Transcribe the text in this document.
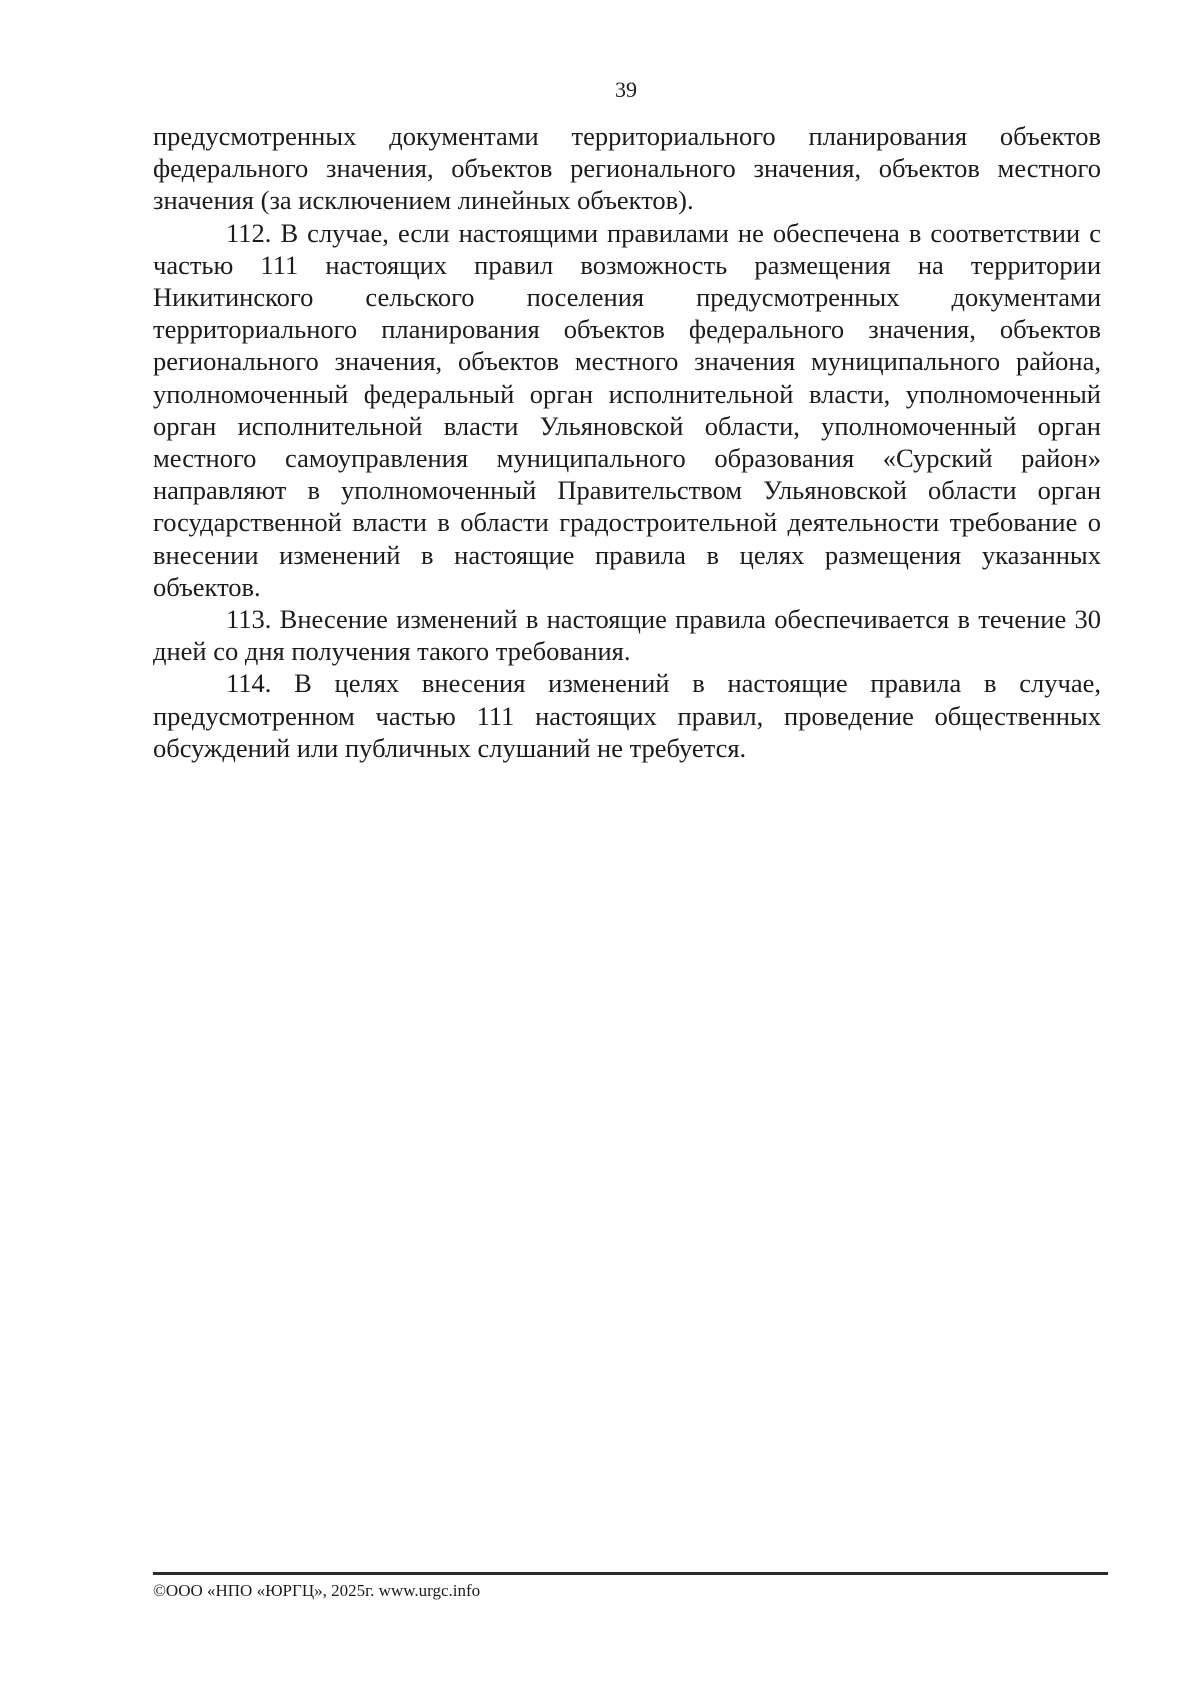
39

предусмотренных документами территориального планирования объектов федерального значения, объектов регионального значения, объектов местного значения (за исключением линейных объектов).

112. В случае, если настоящими правилами не обеспечена в соответствии с частью 111 настоящих правил возможность размещения на территории Никитинского сельского поселения предусмотренных документами территориального планирования объектов федерального значения, объектов регионального значения, объектов местного значения муниципального района, уполномоченный федеральный орган исполнительной власти, уполномоченный орган исполнительной власти Ульяновской области, уполномоченный орган местного самоуправления муниципального образования «Сурский район» направляют в уполномоченный Правительством Ульяновской области орган государственной власти в области градостроительной деятельности требование о внесении изменений в настоящие правила в целях размещения указанных объектов.

113. Внесение изменений в настоящие правила обеспечивается в течение 30 дней со дня получения такого требования.

114. В целях внесения изменений в настоящие правила в случае, предусмотренном частью 111 настоящих правил, проведение общественных обсуждений или публичных слушаний не требуется.

©ООО «НПО «ЮРГЦ», 2025г. www.urgc.info
